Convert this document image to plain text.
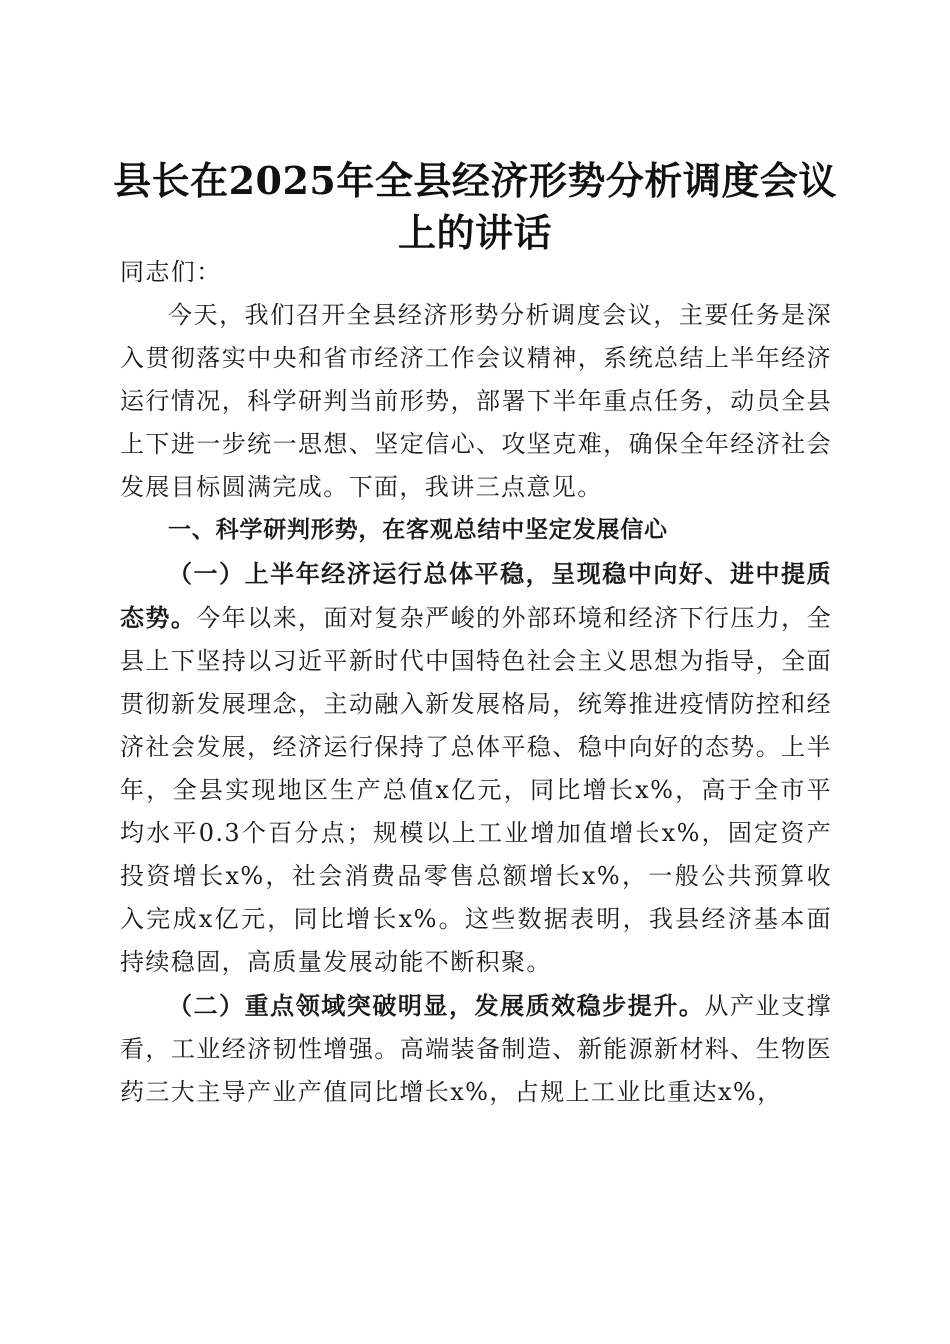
县长在2025年全县经济形势分析调度会议上的讲话

同志们：

今天，我们召开全县经济形势分析调度会议，主要任务是深入贯彻落实中央和省市经济工作会议精神，系统总结上半年经济运行情况，科学研判当前形势，部署下半年重点任务，动员全县上下进一步统一思想、坚定信心、攻坚克难，确保全年经济社会发展目标圆满完成。下面，我讲三点意见。

一、科学研判形势，在客观总结中坚定发展信心

（一）上半年经济运行总体平稳，呈现稳中向好、进中提质态势。今年以来，面对复杂严峻的外部环境和经济下行压力，全县上下坚持以习近平新时代中国特色社会主义思想为指导，全面贯彻新发展理念，主动融入新发展格局，统筹推进疫情防控和经济社会发展，经济运行保持了总体平稳、稳中向好的态势。上半年，全县实现地区生产总值x亿元，同比增长x%，高于全市平均水平0.3个百分点；规模以上工业增加值增长x%，固定资产投资增长x%，社会消费品零售总额增长x%，一般公共预算收入完成x亿元，同比增长x%。这些数据表明，我县经济基本面持续稳固，高质量发展动能不断积聚。

（二）重点领域突破明显，发展质效稳步提升。从产业支撑看，工业经济韧性增强。高端装备制造、新能源新材料、生物医药三大主导产业产值同比增长x%，占规上工业比重达x%，
